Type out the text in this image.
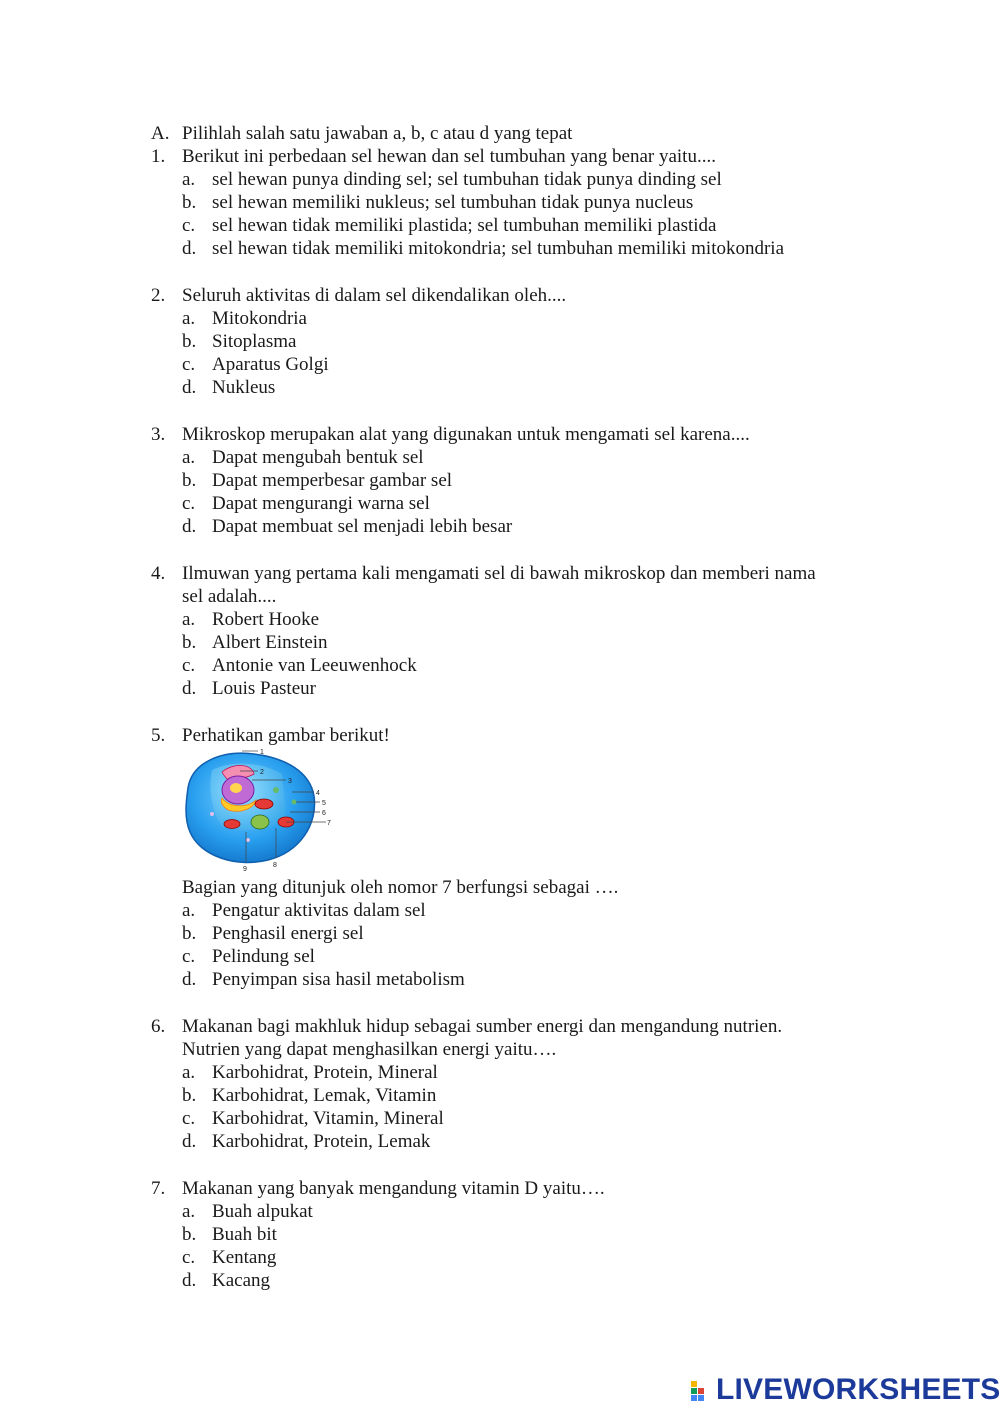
A. Pilihlah salah satu jawaban a, b, c atau d yang tepat
1. Berikut ini perbedaan sel hewan dan sel tumbuhan yang benar yaitu....
a. sel hewan punya dinding sel; sel tumbuhan tidak punya dinding sel
b. sel hewan memiliki nukleus; sel tumbuhan tidak punya nucleus
c. sel hewan tidak memiliki plastida; sel tumbuhan memiliki plastida
d. sel hewan tidak memiliki mitokondria; sel tumbuhan memiliki mitokondria
2. Seluruh aktivitas di dalam sel dikendalikan oleh....
a. Mitokondria
b. Sitoplasma
c. Aparatus Golgi
d. Nukleus
3. Mikroskop merupakan alat yang digunakan untuk mengamati sel karena....
a. Dapat mengubah bentuk sel
b. Dapat memperbesar gambar sel
c. Dapat mengurangi warna sel
d. Dapat membuat sel menjadi lebih besar
4. Ilmuwan yang pertama kali mengamati sel di bawah mikroskop dan memberi nama
sel adalah....
a. Robert Hooke
b. Albert Einstein
c. Antonie van Leeuwenhock
d. Louis Pasteur
5. Perhatikan gambar berikut!
1
2
3
4
5
6
7
8
9
Bagian yang ditunjuk oleh nomor 7 berfungsi sebagai ….
a. Pengatur aktivitas dalam sel
b. Penghasil energi sel
c. Pelindung sel
d. Penyimpan sisa hasil metabolism
6. Makanan bagi makhluk hidup sebagai sumber energi dan mengandung nutrien.
Nutrien yang dapat menghasilkan energi yaitu….
a. Karbohidrat, Protein, Mineral
b. Karbohidrat, Lemak, Vitamin
c. Karbohidrat, Vitamin, Mineral
d. Karbohidrat, Protein, Lemak
7. Makanan yang banyak mengandung vitamin D yaitu….
a. Buah alpukat
b. Buah bit
c. Kentang
d. Kacang
LIVEWORKSHEETS
